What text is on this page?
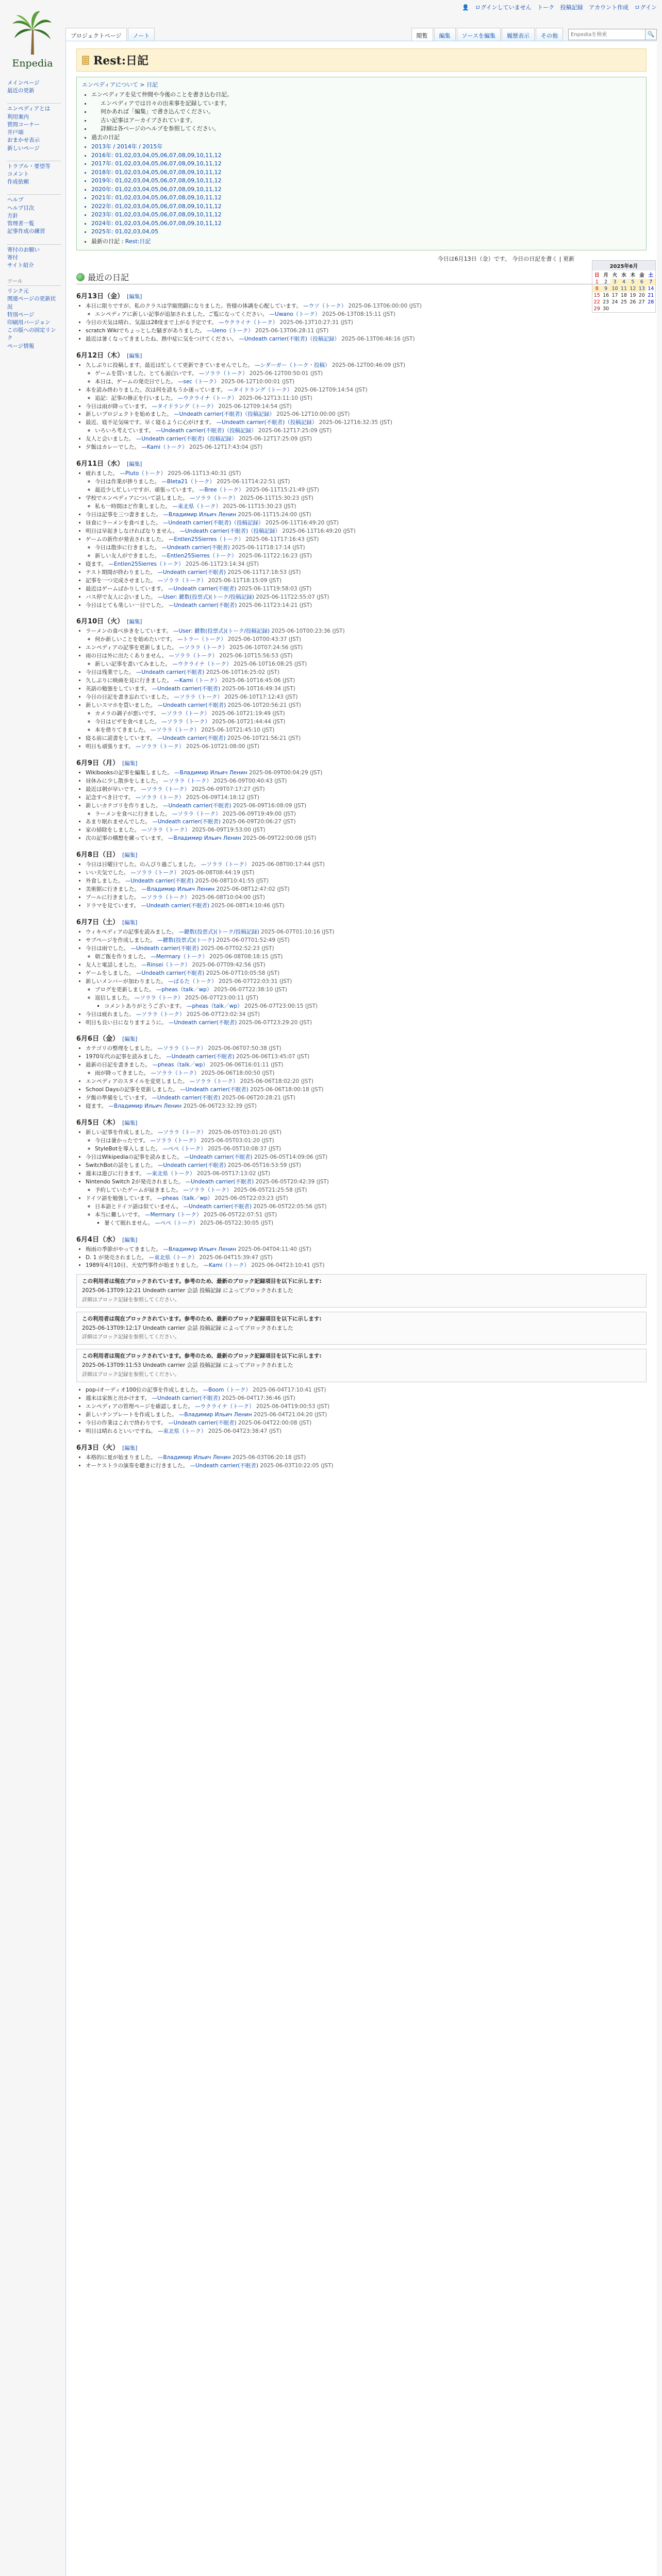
👤 ログインしていません トーク 投稿記録 アカウント作成 ログイン
Enpedia
メインページ
最近の更新
エンペディアとは
利用案内
質問コーナー
井戸端
おまかせ表示
新しいページ
トラブル・要望等
コメント
作成依頼
ヘルプ
ヘルプ目次
方針
管理者一覧
記事作成の練習
寄付のお願い
寄付
サイト紹介
ツール
リンク元
関連ページの更新状況
特別ページ
印刷用バージョン
この版への固定リンク
ページ情報
プロジェクトページ	ノート	閲覧	編集	ソースを編集	履歴表示	その他
Enpediaを検索	🔍
Rest:日記
エンペディアについて > 日記
• エンペディアを見て仲間や今後のことを書き込む日記。
• エンペディアでは日々の出来事を記録しています。
• 何かあれば「編集」で書き込んでください。
• 古い記事はアーカイブされています。
• 詳細は各ページのヘルプを参照してください。
• 過去の日記
• 2013年 / 2014年 / 2015年
• 2016年: 01,02,03,04,05,06,07,08,09,10,11,12
• 2017年: 01,02,03,04,05,06,07,08,09,10,11,12
• 2018年: 01,02,03,04,05,06,07,08,09,10,11,12
• 2019年: 01,02,03,04,05,06,07,08,09,10,11,12
• 2020年: 01,02,03,04,05,06,07,08,09,10,11,12
• 2021年: 01,02,03,04,05,06,07,08,09,10,11,12
• 2022年: 01,02,03,04,05,06,07,08,09,10,11,12
• 2023年: 01,02,03,04,05,06,07,08,09,10,11,12
• 2024年: 01,02,03,04,05,06,07,08,09,10,11,12
• 2025年: 01,02,03,04,05
• 最新の日記 : Rest:日記
今日は6月13日（金）です。 今日の日記を書く | 更新
最近の日記
6月13日（金） [編集]
• 本日に限りですが、私のクラスは学級閉鎖になりました。皆様の体調を心配しています。 —ウソ（トーク） 2025-06-13T06:00:00 (JST)
◦ エンペディアに新しい記事が追加されました。ご覧になってください。 —Uwano（トーク） 2025-06-13T08:15:11 (JST)
• 今日の天気は晴れ、気温は28度まで上がる予定です。 —ウクライナ（トーク） 2025-06-13T10:27:31 (JST)
• scratch Wikiでちょっとした騒ぎがありました。 —Ueno（トーク） 2025-06-13T06:28:11 (JST)
• 最近は暑くなってきましたね、熱中症に気をつけてください。 —Undeath carrier(不眠者)（投稿記録） 2025-06-13T06:46:16 (JST)
6月12日（木） [編集]
• 久しぶりに投稿します。最近は忙しくて更新できていませんでした。 —シダーガー（トーク・投稿） 2025-06-12T00:46:09 (JST)
◦ ゲームを買いました。とても面白いです。 —ソララ（トーク） 2025-06-12T00:50:01 (JST)
◦ 本日は、ゲームの発売日でした。 —sec（トーク） 2025-06-12T10:00:01 (JST)
• 本を読み終わりました。次は何を読もうか迷っています。 —タイドラング（トーク） 2025-06-12T09:14:54 (JST)
◦ 追記：記事の修正を行いました。 —ウクライナ（トーク） 2025-06-12T13:11:10 (JST)
• 今日は雨が降っています。 —タイドラング（トーク） 2025-06-12T09:14:54 (JST)
• 新しいプロジェクトを始めました。 —Undeath carrier(不眠者)（投稿記録） 2025-06-12T10:00:00 (JST)
• 最近、寝不足気味です。早く寝るように心がけます。 —Undeath carrier(不眠者)（投稿記録） 2025-06-12T16:32:35 (JST)
◦ いろいろ考えています。 —Undeath carrier(不眠者)（投稿記録） 2025-06-12T17:25:09 (JST)
• 友人と会いました。 —Undeath carrier(不眠者)（投稿記録） 2025-06-12T17:25:09 (JST)
• 夕飯はカレーでした。 —Kami（トーク） 2025-06-12T17:43:04 (JST)
6月11日（水） [編集]
• 疲れました。 —Pluto（トーク） 2025-06-11T13:40:31 (JST)
◦ 今日は作業が捗りました。 —Bleta21（トーク） 2025-06-11T14:22:51 (JST)
◦ 最近少し忙しいですが、頑張っています。 —Bree（トーク） 2025-06-11T15:21:49 (JST)
• 学校でエンペディアについて話しました。 —ソララ（トーク） 2025-06-11T15:30:23 (JST)
◦ 私も一時間ほど作業しました。 —東北県（トーク） 2025-06-11T15:30:23 (JST)
• 今日は記事を三つ書きました。 —Владимир Ильич Ленин 2025-06-11T15:24:00 (JST)
• 昼食にラーメンを食べました。 —Undeath carrier(不眠者)（投稿記録） 2025-06-11T16:49:20 (JST)
• 明日は早起きしなければなりません。 —Undeath carrier(不眠者)（投稿記録） 2025-06-11T16:49:20 (JST)
• ゲームの新作が発表されました。 —Entlen25Sierres（トーク） 2025-06-11T17:16:43 (JST)
◦ 今日は散歩に行きました。 —Undeath carrier(不眠者) 2025-06-11T18:17:14 (JST)
◦ 新しい友人ができました。 —Entlen25Sierres（トーク） 2025-06-11T22:16:23 (JST)
• 寝ます。 —Entlen25Sierres（トーク） 2025-06-11T23:14:34 (JST)
• テスト期間が終わりました。 —Undeath carrier(不眠者) 2025-06-11T17:18:53 (JST)
• 記事を一つ完成させました。 —ソララ（トーク） 2025-06-11T18:15:09 (JST)
• 最近はゲームばかりしています。 —Undeath carrier(不眠者) 2025-06-11T19:58:03 (JST)
• バス停で友人に会いました。 —User: 鍵数(投票式)(トーク/投稿記録) 2025-06-11T22:55:07 (JST)
• 今日はとても楽しい一日でした。 —Undeath carrier(不眠者) 2025-06-11T23:14:21 (JST)
6月10日（火） [編集]
• ラーメンの食べ歩きをしています。 —User: 鍵数(投票式)(トーク/投稿記録) 2025-06-10T00:23:36 (JST)
◦ 何か新しいことを始めたいです。 —トラー（トーク） 2025-06-10T00:43:37 (JST)
• エンペディアの記事を更新しました。 —ソララ（トーク） 2025-06-10T07:24:56 (JST)
• 雨の日は外に出たくありません。 —ソララ（トーク） 2025-06-10T15:56:53 (JST)
◦ 新しい記事を書いてみました。 —ウクライナ（トーク） 2025-06-10T16:08:25 (JST)
• 今日は残業でした。 —Undeath carrier(不眠者) 2025-06-10T16:25:02 (JST)
• 久しぶりに映画を見に行きました。 —Kami（トーク） 2025-06-10T16:45:06 (JST)
• 英語の勉強をしています。 —Undeath carrier(不眠者) 2025-06-10T16:49:34 (JST)
• 今日の日記を書き忘れていました。 —ソララ（トーク） 2025-06-10T17:12:43 (JST)
• 新しいスマホを買いました。 —Undeath carrier(不眠者) 2025-06-10T20:56:21 (JST)
◦ カメラの調子が悪いです。 —ソララ（トーク） 2025-06-10T21:19:49 (JST)
◦ 今日はピザを食べました。 —ソララ（トーク） 2025-06-10T21:44:44 (JST)
◦ 本を借りてきました。 —ソララ（トーク） 2025-06-10T21:45:10 (JST)
• 寝る前に読書をしています。 —Undeath carrier(不眠者) 2025-06-10T21:56:21 (JST)
• 明日も頑張ります。 —ソララ（トーク） 2025-06-10T21:08:00 (JST)
6月9日（月） [編集]
• Wikibooksの記事を編集しました。 —Владимир Ильич Ленин 2025-06-09T00:04:29 (JST)
• 昼休みに少し散歩をしました。 —ソララ（トーク） 2025-06-09T00:40:43 (JST)
• 最近は朝が早いです。 —ソララ（トーク） 2025-06-09T07:17:27 (JST)
• 記念すべき日です。 —ソララ（トーク） 2025-06-09T14:18:12 (JST)
• 新しいカテゴリを作りました。 —Undeath carrier(不眠者) 2025-06-09T16:08:09 (JST)
◦ ラーメンを食べに行きました。 —ソララ（トーク） 2025-06-09T19:49:00 (JST)
• あまり眠れませんでした。 —Undeath carrier(不眠者) 2025-06-09T20:06:27 (JST)
• 家の掃除をしました。 —ソララ（トーク） 2025-06-09T19:53:00 (JST)
• 次の記事の構想を練っています。 —Владимир Ильич Ленин 2025-06-09T22:00:08 (JST)
6月8日（日） [編集]
• 今日は日曜日でした。のんびり過ごしました。 —ソララ（トーク） 2025-06-08T00:17:44 (JST)
• いい天気でした。 —ソララ（トーク） 2025-06-08T08:44:19 (JST)
• 外食しました。 —Undeath carrier(不眠者) 2025-06-08T10:41:55 (JST)
• 美術館に行きました。 —Владимир Ильич Ленин 2025-06-08T12:47:02 (JST)
• プールに行きました。 —ソララ（トーク） 2025-06-08T10:04:00 (JST)
• ドラマを見ています。 —Undeath carrier(不眠者) 2025-06-08T14:10:46 (JST)
6月7日（土） [編集]
• ウィキペディアの記事を読みました。 —鍵数(投票式)(トーク/投稿記録) 2025-06-07T01:10:16 (JST)
• サブページを作成しました。 —鍵数(投票式)(トーク) 2025-06-07T01:52:49 (JST)
• 今日は雨でした。 —Undeath carrier(不眠者) 2025-06-07T02:52:23 (JST)
◦ 朝ご飯を作りました。 —Merrnary（トーク） 2025-06-08T08:18:15 (JST)
• 友人と電話しました。 —Rinsei（トーク） 2025-06-07T09:42:56 (JST)
• ゲームをしました。 —Undeath carrier(不眠者) 2025-06-07T10:05:58 (JST)
• 新しいメンバーが加わりました。 —ぱるた（トーク） 2025-06-07T22:03:31 (JST)
◦ ブログを更新しました。 —pheas（talk／wp） 2025-06-07T22:38:10 (JST)
◦ 返信しました。 —ソララ（トーク） 2025-06-07T23:00:11 (JST)
▪ コメントありがとうございます。 —pheas（talk／wp） 2025-06-07T23:00:15 (JST)
• 今日は疲れました。 —ソララ（トーク） 2025-06-07T23:02:34 (JST)
• 明日も良い日になりますように。 —Undeath carrier(不眠者) 2025-06-07T23:29:20 (JST)
6月6日（金） [編集]
• カテゴリの整理をしました。 —ソララ（トーク） 2025-06-06T07:50:38 (JST)
• 1970年代の記事を読みました。 —Undeath carrier(不眠者) 2025-06-06T13:45:07 (JST)
• 最新の日記を書きました。 —pheas（talk／wp） 2025-06-06T16:01:11 (JST)
◦ 雨が降ってきました。 —ソララ（トーク） 2025-06-06T18:00:50 (JST)
• エンペディアのスタイルを変更しました。 —ソララ（トーク） 2025-06-06T18:02:20 (JST)
• School Daysの記事を更新しました。 —Undeath carrier(不眠者) 2025-06-06T18:00:18 (JST)
• 夕飯の準備をしています。 —Undeath carrier(不眠者) 2025-06-06T20:28:21 (JST)
• 寝ます。 —Владимир Ильич Ленин 2025-06-06T23:32:39 (JST)
6月5日（木） [編集]
• 新しい記事を作成しました。 —ソララ（トーク） 2025-06-05T03:01:20 (JST)
◦ 今日は暑かったです。 —ソララ（トーク） 2025-06-05T03:01:20 (JST)
◦ StyleBotを導入しました。 —ぺぺ（トーク） 2025-06-05T10:08:37 (JST)
• 今日はWikipediaの記事を読みました。 —Undeath carrier(不眠者) 2025-06-05T14:09:06 (JST)
• SwitchBotの話をしました。 —Undeath carrier(不眠者) 2025-06-05T16:53:59 (JST)
• 週末は遊びに行きます。 —東北県（トーク） 2025-06-05T17:13:02 (JST)
• Nintendo Switch 2が発売されました。 —Undeath carrier(不眠者) 2025-06-05T20:42:39 (JST)
◦ 予約していたゲームが届きました。 —ソララ（トーク） 2025-06-05T21:25:58 (JST)
• ドイツ語を勉強しています。 —pheas（talk／wp） 2025-06-05T22:03:23 (JST)
◦ 日本語とドイツ語は似ていません。 —Undeath carrier(不眠者) 2025-06-05T22:05:56 (JST)
◦ 本当に難しいです。 —Merrnary（トーク） 2025-06-05T22:07:51 (JST)
▪ 暑くて眠れません。 —ぺぺ（トーク） 2025-06-05T22:30:05 (JST)
6月4日（水） [編集]
• 梅雨の季節がやってきました。 —Владимир Ильич Ленин 2025-06-04T04:11:40 (JST)
• D. 1 が発売されました。 —東北県（トーク） 2025-06-04T15:39:47 (JST)
• 1989年4月10日、天安門事件が始まりました。 —Kami（トーク） 2025-06-04T23:10:41 (JST)
この利用者は現在ブロックされています。参考のため、最新のブロック記録項目を以下に示します:
2025-06-13T09:12:21 Undeath carrier 会話 投稿記録 によってブロックされました
詳細はブロック記録を参照してください。
この利用者は現在ブロックされています。参考のため、最新のブロック記録項目を以下に示します:
2025-06-13T09:12:17 Undeath carrier 会話 投稿記録 によってブロックされました
詳細はブロック記録を参照してください。
この利用者は現在ブロックされています。参考のため、最新のブロック記録項目を以下に示します:
2025-06-13T09:11:53 Undeath carrier 会話 投稿記録 によってブロックされました
詳細はブロック記録を参照してください。
• pop-iオーディオ100位の記事を作成しました。 —Boom（トーク） 2025-06-04T17:10:41 (JST)
• 週末は家族と出かけます。 —Undeath carrier(不眠者) 2025-06-04T17:36:46 (JST)
• エンペディアの管理ページを確認しました。 —ウクライナ（トーク） 2025-06-04T19:00:53 (JST)
• 新しいテンプレートを作成しました。 —Владимир Ильич Ленин 2025-06-04T21:04:20 (JST)
• 今日の作業はこれで終わりです。 —Undeath carrier(不眠者) 2025-06-04T22:00:08 (JST)
• 明日は晴れるといいですね。 —東北県（トーク） 2025-06-04T23:38:47 (JST)
6月3日（火） [編集]
• 本格的に夏が始まりました。 —Владимир Ильич Ленин 2025-06-03T06:20:18 (JST)
• オーケストラの演奏を聴きに行きました。 —Undeath carrier(不眠者) 2025-06-03T10:22:05 (JST)
2025年6月
日	月	火	水	木	金	土
1	2	3	4	5	6	7
8	9	10	11	12	13	14
15	16	17	18	19	20	21
22	23	24	25	26	27	28
29	30					
